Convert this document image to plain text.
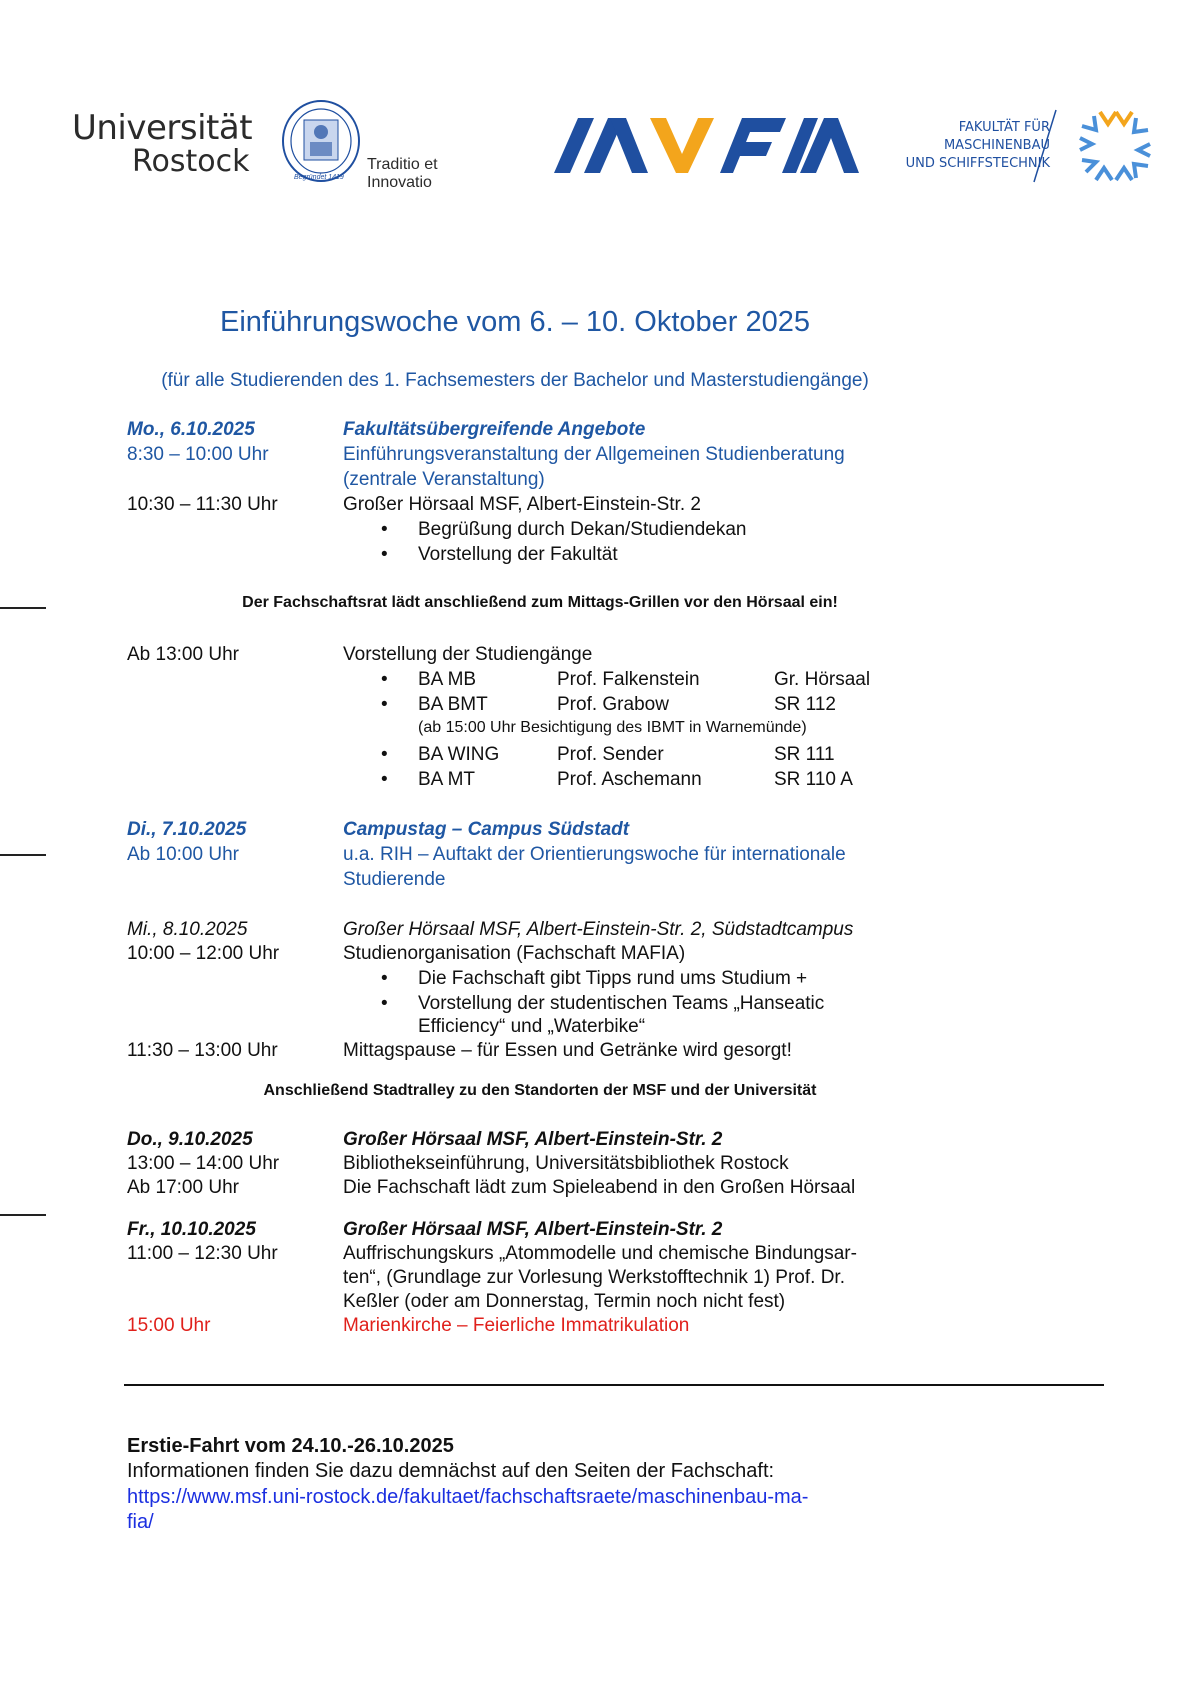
Universität
Rostock	Begründet 1419
Traditio et Innovatio
FAKULTÄT FÜR
MASCHINENBAU
UND SCHIFFSTECHNIK
Einführungswoche vom 6. – 10. Oktober 2025
(für alle Studierenden des 1. Fachsemesters der Bachelor und Masterstudiengänge)
Mo., 6.10.2025	Fakultätsübergreifende Angebote
8:30 – 10:00 Uhr	Einführungsveranstaltung der Allgemeinen Studienberatung
(zentrale Veranstaltung)
10:30 – 11:30 Uhr	Großer Hörsaal MSF, Albert-Einstein-Str. 2
Begrüßung durch Dekan/Studiendekan
Vorstellung der Fakultät
Der Fachschaftsrat lädt anschließend zum Mittags-Grillen vor den Hörsaal ein!
Ab 13:00 Uhr	Vorstellung der Studiengänge
BA MB	Prof. Falkenstein	Gr. Hörsaal
BA BMT	Prof. Grabow	SR 112
(ab 15:00 Uhr Besichtigung des IBMT in Warnemünde)
BA WING	Prof. Sender	SR 111
BA MT	Prof. Aschemann	SR 110 A
Di., 7.10.2025	Campustag – Campus Südstadt
Ab 10:00 Uhr	u.a. RIH – Auftakt der Orientierungswoche für internationale
Studierende
Mi., 8.10.2025	Großer Hörsaal MSF, Albert-Einstein-Str. 2, Südstadtcampus
10:00 – 12:00 Uhr	Studienorganisation (Fachschaft MAFIA)
Die Fachschaft gibt Tipps rund ums Studium +
Vorstellung der studentischen Teams „Hanseatic
Efficiency“ und „Waterbike“
11:30 – 13:00 Uhr	Mittagspause – für Essen und Getränke wird gesorgt!
Anschließend Stadtralley zu den Standorten der MSF und der Universität
Do., 9.10.2025	Großer Hörsaal MSF, Albert-Einstein-Str. 2
13:00 – 14:00 Uhr	Bibliothekseinführung, Universitätsbibliothek Rostock
Ab 17:00 Uhr	Die Fachschaft lädt zum Spieleabend in den Großen Hörsaal
Fr., 10.10.2025	Großer Hörsaal MSF, Albert-Einstein-Str. 2
11:00 – 12:30 Uhr	Auffrischungskurs „Atommodelle und chemische Bindungsar-
ten“, (Grundlage zur Vorlesung Werkstofftechnik 1) Prof. Dr.
Keßler (oder am Donnerstag, Termin noch nicht fest)
15:00 Uhr	Marienkirche – Feierliche Immatrikulation
Erstie-Fahrt vom 24.10.-26.10.2025
Informationen finden Sie dazu demnächst auf den Seiten der Fachschaft:
https://www.msf.uni-rostock.de/fakultaet/fachschaftsraete/maschinenbau-ma-
fia/
